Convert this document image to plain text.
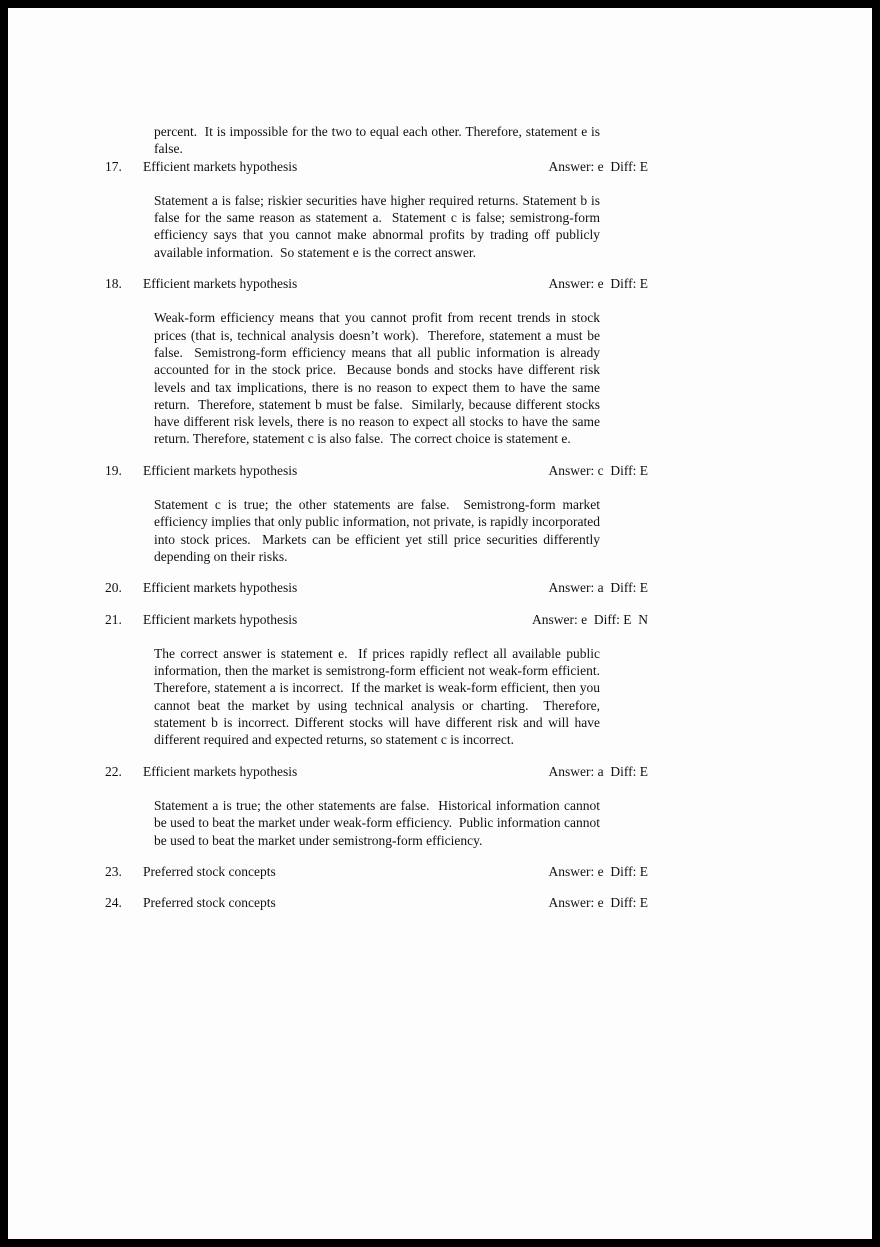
percent.  It is impossible for the two to equal each other. Therefore, statement e is false.

17.	Efficient markets hypothesis	Answer: e  Diff: E

Statement a is false; riskier securities have higher required returns. Statement b is false for the same reason as statement a.  Statement c is false; semistrong-form efficiency says that you cannot make abnormal profits by trading off publicly available information.  So statement e is the correct answer.

18.	Efficient markets hypothesis	Answer: e  Diff: E

Weak-form efficiency means that you cannot profit from recent trends in stock prices (that is, technical analysis doesn’t work).  Therefore, statement a must be false.  Semistrong-form efficiency means that all public information is already accounted for in the stock price.  Because bonds and stocks have different risk levels and tax implications, there is no reason to expect them to have the same return.  Therefore, statement b must be false.  Similarly, because different stocks have different risk levels, there is no reason to expect all stocks to have the same return. Therefore, statement c is also false.  The correct choice is statement e.

19.	Efficient markets hypothesis	Answer: c  Diff: E

Statement c is true; the other statements are false.  Semistrong-form market efficiency implies that only public information, not private, is rapidly incorporated into stock prices.  Markets can be efficient yet still price securities differently depending on their risks.

20.	Efficient markets hypothesis	Answer: a  Diff: E
21.	Efficient markets hypothesis	Answer: e  Diff: E  N

The correct answer is statement e.  If prices rapidly reflect all available public information, then the market is semistrong-form efficient not weak-form efficient.  Therefore, statement a is incorrect.  If the market is weak-form efficient, then you cannot beat the market by using technical analysis or charting.  Therefore, statement b is incorrect. Different stocks will have different risk and will have different required and expected returns, so statement c is incorrect.

22.	Efficient markets hypothesis	Answer: a  Diff: E

Statement a is true; the other statements are false.  Historical information cannot be used to beat the market under weak-form efficiency.  Public information cannot be used to beat the market under semistrong-form efficiency.

23.	Preferred stock concepts	Answer: e  Diff: E
24.	Preferred stock concepts	Answer: e  Diff: E
